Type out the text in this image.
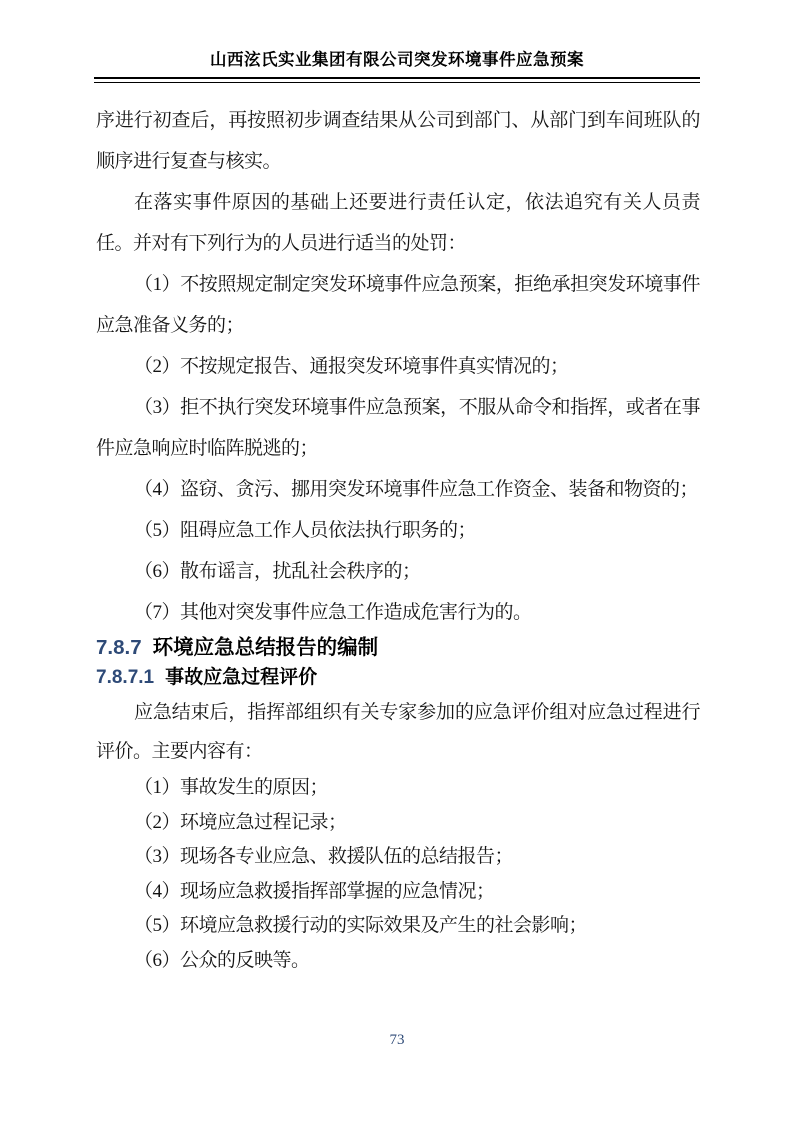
山西泫氏实业集团有限公司突发环境事件应急预案

序进行初查后，再按照初步调查结果从公司到部门、从部门到车间班队的顺序进行复查与核实。

在落实事件原因的基础上还要进行责任认定，依法追究有关人员责任。并对有下列行为的人员进行适当的处罚：

（1）不按照规定制定突发环境事件应急预案，拒绝承担突发环境事件应急准备义务的；

（2）不按规定报告、通报突发环境事件真实情况的；

（3）拒不执行突发环境事件应急预案，不服从命令和指挥，或者在事件应急响应时临阵脱逃的；

（4）盗窃、贪污、挪用突发环境事件应急工作资金、装备和物资的；

（5）阻碍应急工作人员依法执行职务的；

（6）散布谣言，扰乱社会秩序的；

（7）其他对突发事件应急工作造成危害行为的。

7.8.7 环境应急总结报告的编制

7.8.7.1 事故应急过程评价

应急结束后，指挥部组织有关专家参加的应急评价组对应急过程进行评价。主要内容有：

（1）事故发生的原因；

（2）环境应急过程记录；

（3）现场各专业应急、救援队伍的总结报告；

（4）现场应急救援指挥部掌握的应急情况；

（5）环境应急救援行动的实际效果及产生的社会影响；

（6）公众的反映等。

73
